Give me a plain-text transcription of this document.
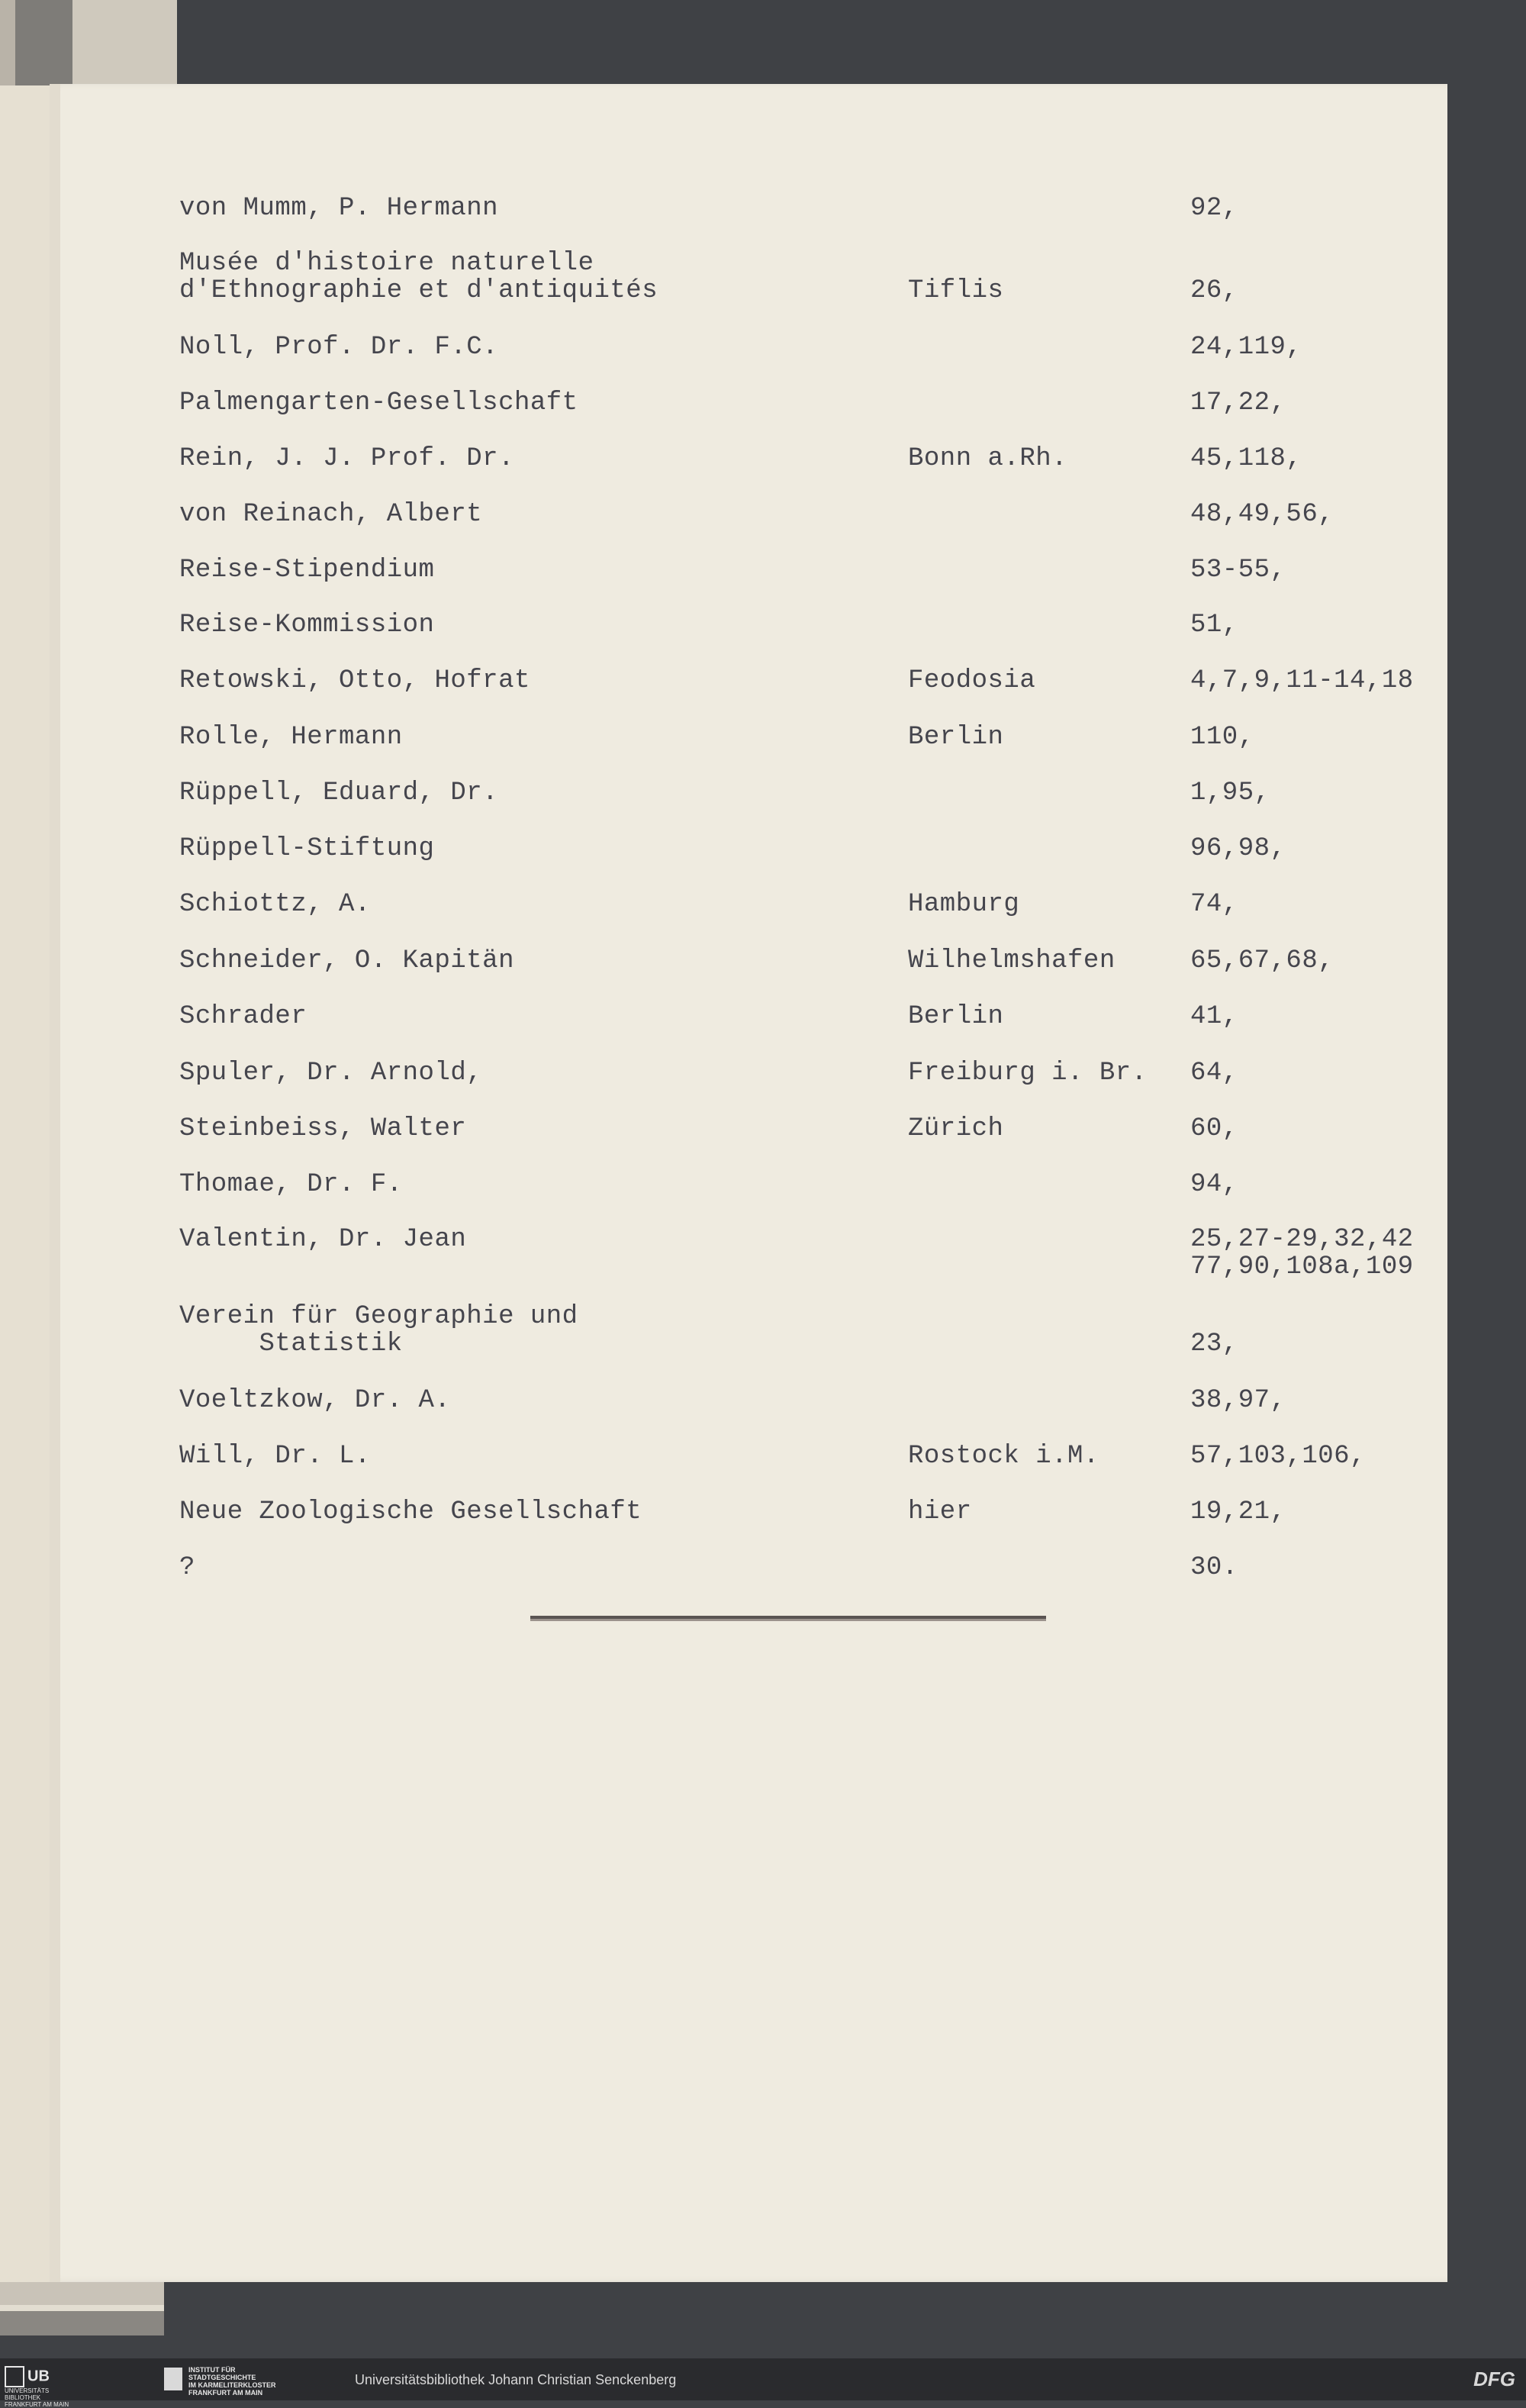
von Mumm, P. Hermann	92,
Musée d'histoire naturelle
d'Ethnographie et d'antiquités	Tiflis	26,
Noll, Prof. Dr. F.C.	24,119,
Palmengarten-Gesellschaft	17,22,
Rein, J. J. Prof. Dr.	Bonn a.Rh.	45,118,
von Reinach, Albert	48,49,56,
Reise-Stipendium	53-55,
Reise-Kommission	51,
Retowski, Otto, Hofrat	Feodosia	4,7,9,11-14,18
Rolle, Hermann	Berlin	110,
Rüppell, Eduard, Dr.	1,95,
Rüppell-Stiftung	96,98,
Schiottz, A.	Hamburg	74,
Schneider, O. Kapitän	Wilhelmshafen	65,67,68,
Schrader	Berlin	41,
Spuler, Dr. Arnold,	Freiburg i. Br. 64,
Steinbeiss, Walter	Zürich	60,
Thomae, Dr. F.	94,
Valentin, Dr. Jean	25,27-29,32,42
77,90,108a,109
Verein für Geographie und
Statistik	23,
Voeltzkow, Dr. A.	38,97,
Will, Dr. L.	Rostock i.M.	57,103,106,
Neue Zoologische Gesellschaft	hier	19,21,
?	30.
UB UNIVERSITÄTS
BIBLIOTHEK
FRANKFURT AM MAIN
INSTITUT FÜR
STADTGESCHICHTE
IM KARMELITERKLOSTER
FRANKFURT AM MAIN
Universitätsbibliothek Johann Christian Senckenberg	DFG
